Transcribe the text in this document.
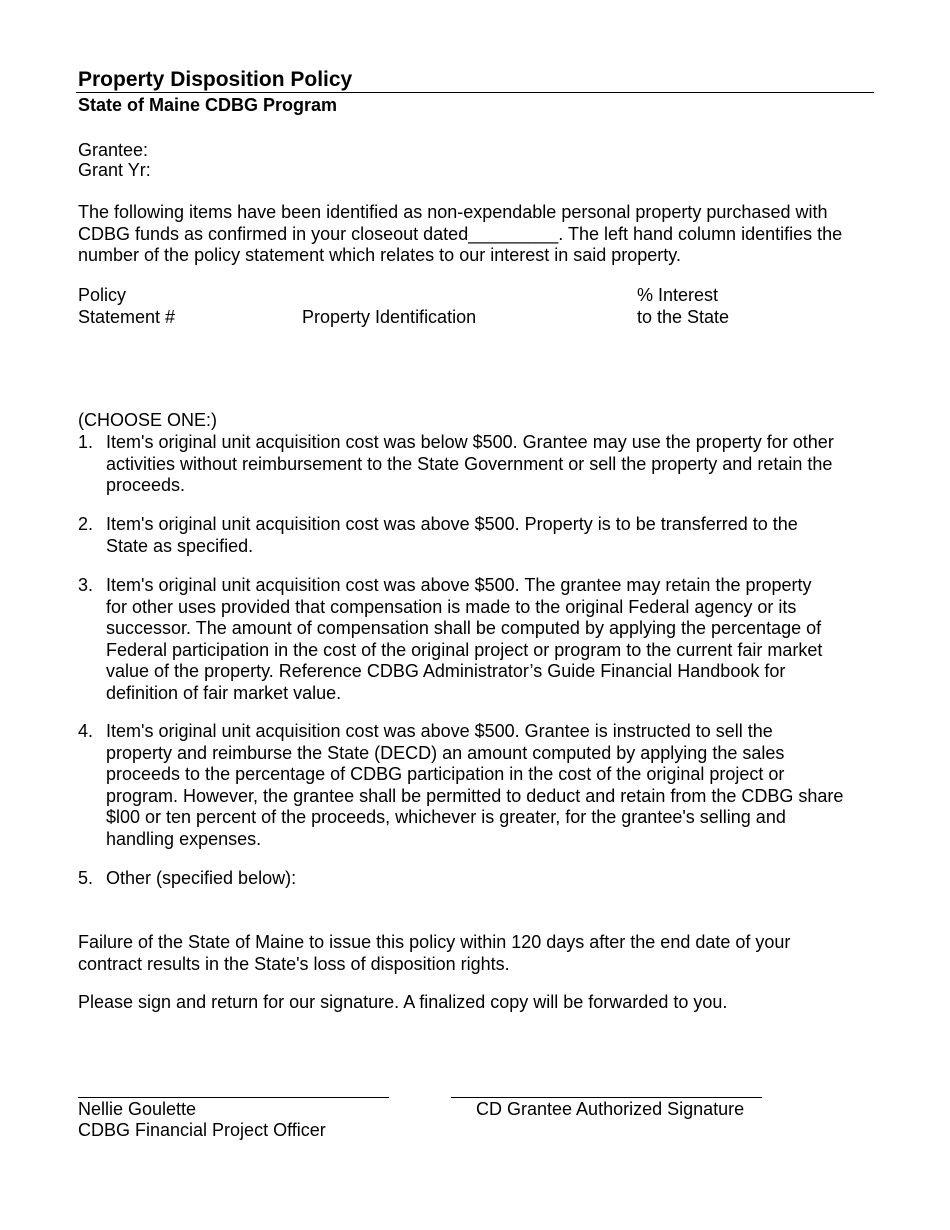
Property Disposition Policy
State of Maine CDBG Program
Grantee:
Grant Yr:
The following items have been identified as non-expendable personal property purchased with CDBG funds as confirmed in your closeout dated_________. The left hand column identifies the number of the policy statement which relates to our interest in said property.
Policy
Statement #	Property Identification
% Interest
to the State
(CHOOSE ONE:)
1. Item's original unit acquisition cost was below $500. Grantee may use the property for other
activities without reimbursement to the State Government or sell the property and retain the
proceeds.
2. Item's original unit acquisition cost was above $500. Property is to be transferred to the
State as specified.
3. Item's original unit acquisition cost was above $500. The grantee may retain the property
for other uses provided that compensation is made to the original Federal agency or its
successor. The amount of compensation shall be computed by applying the percentage of
Federal participation in the cost of the original project or program to the current fair market
value of the property. Reference CDBG Administrator’s Guide Financial Handbook for
definition of fair market value.
4. Item's original unit acquisition cost was above $500. Grantee is instructed to sell the
property and reimburse the State (DECD) an amount computed by applying the sales
proceeds to the percentage of CDBG participation in the cost of the original project or
program. However, the grantee shall be permitted to deduct and retain from the CDBG share
$l00 or ten percent of the proceeds, whichever is greater, for the grantee's selling and
handling expenses.
5. Other (specified below):
Failure of the State of Maine to issue this policy within 120 days after the end date of your
contract results in the State's loss of disposition rights.
Please sign and return for our signature. A finalized copy will be forwarded to you.
Nellie Goulette
CDBG Financial Project Officer
CD Grantee Authorized Signature
